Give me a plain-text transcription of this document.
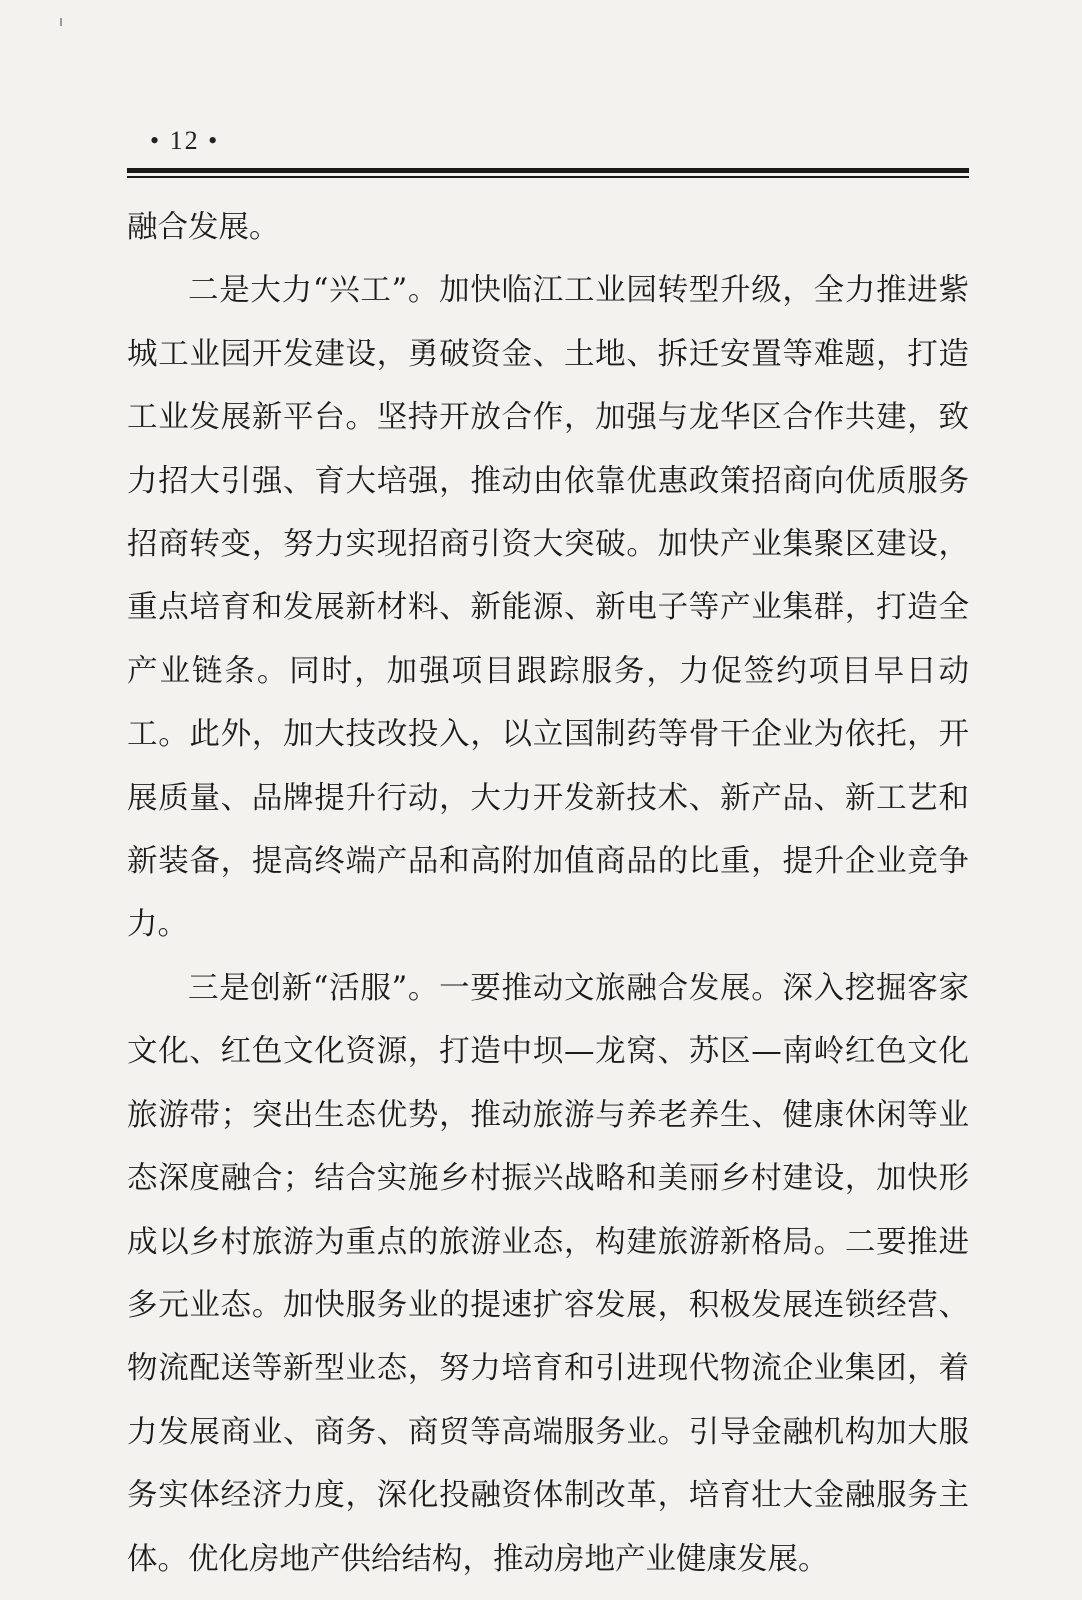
• 12 •

融合发展。

二是大力“兴工”。加快临江工业园转型升级，全力推进紫城工业园开发建设，勇破资金、土地、拆迁安置等难题，打造工业发展新平台。坚持开放合作，加强与龙华区合作共建，致力招大引强、育大培强，推动由依靠优惠政策招商向优质服务招商转变，努力实现招商引资大突破。加快产业集聚区建设，重点培育和发展新材料、新能源、新电子等产业集群，打造全产业链条。同时，加强项目跟踪服务，力促签约项目早日动工。此外，加大技改投入，以立国制药等骨干企业为依托，开展质量、品牌提升行动，大力开发新技术、新产品、新工艺和新装备，提高终端产品和高附加值商品的比重，提升企业竞争力。

三是创新“活服”。一要推动文旅融合发展。深入挖掘客家文化、红色文化资源，打造中坝—龙窝、苏区—南岭红色文化旅游带；突出生态优势，推动旅游与养老养生、健康休闲等业态深度融合；结合实施乡村振兴战略和美丽乡村建设，加快形成以乡村旅游为重点的旅游业态，构建旅游新格局。二要推进多元业态。加快服务业的提速扩容发展，积极发展连锁经营、物流配送等新型业态，努力培育和引进现代物流企业集团，着力发展商业、商务、商贸等高端服务业。引导金融机构加大服务实体经济力度，深化投融资体制改革，培育壮大金融服务主体。优化房地产供给结构，推动房地产业健康发展。
